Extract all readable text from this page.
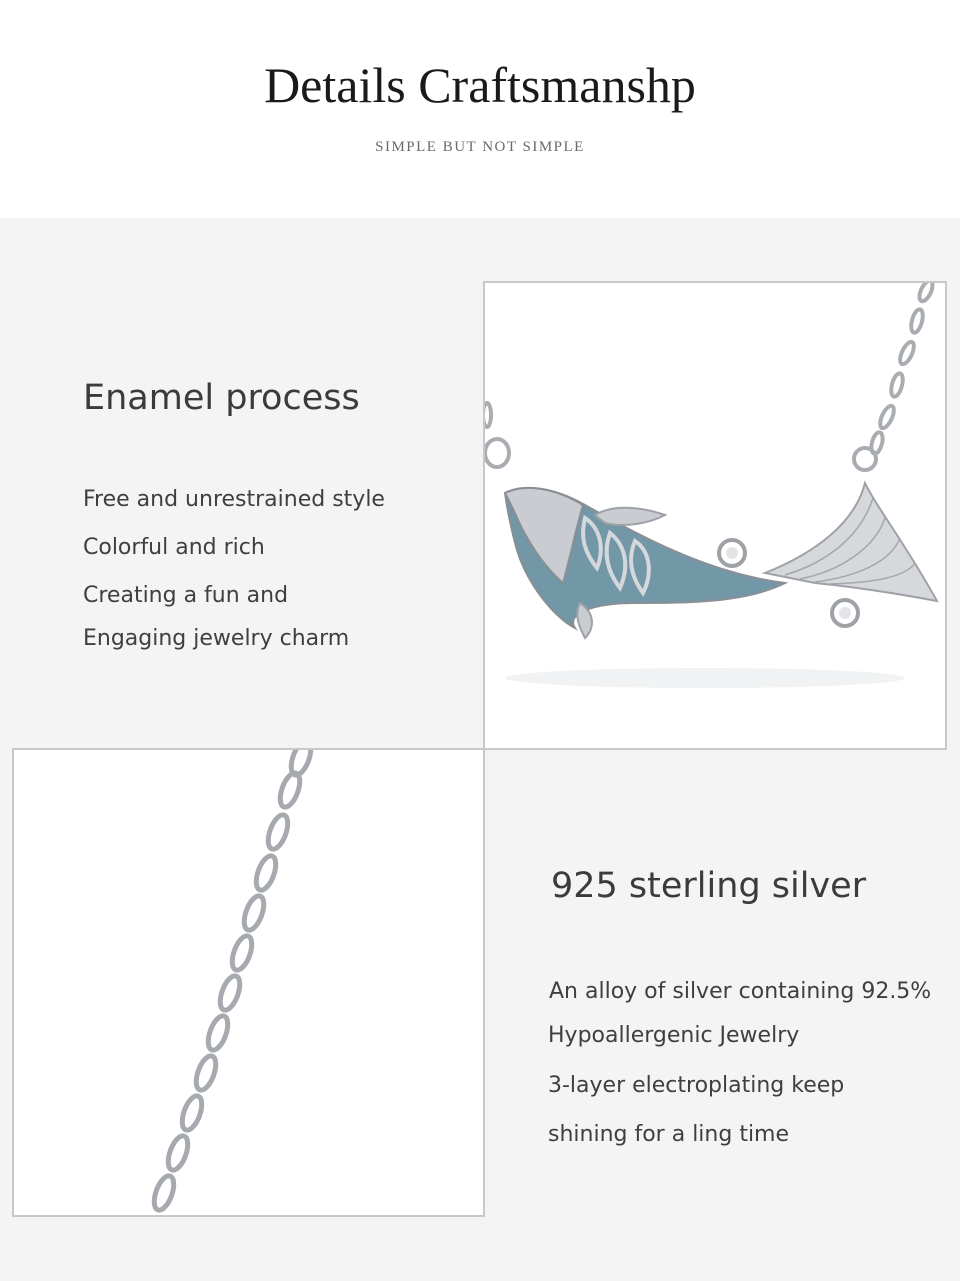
Details Craftsmanshp
SIMPLE BUT NOT SIMPLE
Enamel process
Free and unrestrained style
Colorful and rich
Creating a fun and
Engaging jewelry charm
925 sterling silver
An alloy of silver containing 92.5%
Hypoallergenic Jewelry
3-layer electroplating keep
shining for a ling time
